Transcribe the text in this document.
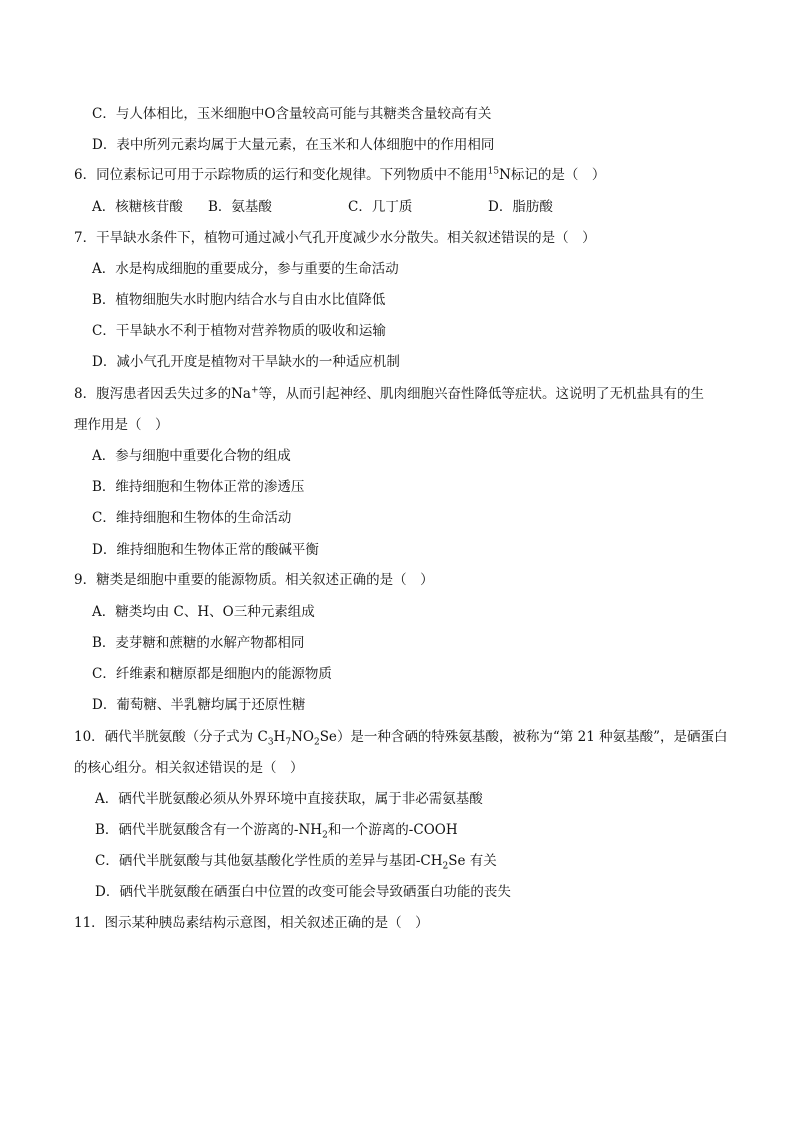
C．与人体相比，玉米细胞中O含量较高可能与其糖类含量较高有关
D．表中所列元素均属于大量元素，在玉米和人体细胞中的作用相同
6．同位素标记可用于示踪物质的运行和变化规律。下列物质中不能用$^{15}$N标记的是（　）
A．核糖核苷酸 B．氨基酸	C．几丁质	D．脂肪酸
7．干旱缺水条件下，植物可通过减小气孔开度减少水分散失。相关叙述错误的是（　）
A．水是构成细胞的重要成分，参与重要的生命活动
B．植物细胞失水时胞内结合水与自由水比值降低
C．干旱缺水不利于植物对营养物质的吸收和运输
D．减小气孔开度是植物对干旱缺水的一种适应机制
8．腹泻患者因丢失过多的Na+等，从而引起神经、肌肉细胞兴奋性降低等症状。这说明了无机盐具有的生
理作用是（　）
A．参与细胞中重要化合物的组成
B．维持细胞和生物体正常的渗透压
C．维持细胞和生物体的生命活动
D．维持细胞和生物体正常的酸碱平衡
9．糖类是细胞中重要的能源物质。相关叙述正确的是（　）
A．糖类均由 C、H、O三种元素组成
B．麦芽糖和蔗糖的水解产物都相同
C．纤维素和糖原都是细胞内的能源物质
D．葡萄糖、半乳糖均属于还原性糖
10．硒代半胱氨酸（分子式为 $C_3H_7NO_2Se$）是一种含硒的特殊氨基酸，被称为“第 21 种氨基酸”，是硒蛋白
的核心组分。相关叙述错误的是（　）
A．硒代半胱氨酸必须从外界环境中直接获取，属于非必需氨基酸
B．硒代半胱氨酸含有一个游离的$-NH_2$和一个游离的-COOH
C．硒代半胱氨酸与其他氨基酸化学性质的差异与基团$-CH_2Se$ 有关
D．硒代半胱氨酸在硒蛋白中位置的改变可能会导致硒蛋白功能的丧失
11．图示某种胰岛素结构示意图，相关叙述正确的是（　）
